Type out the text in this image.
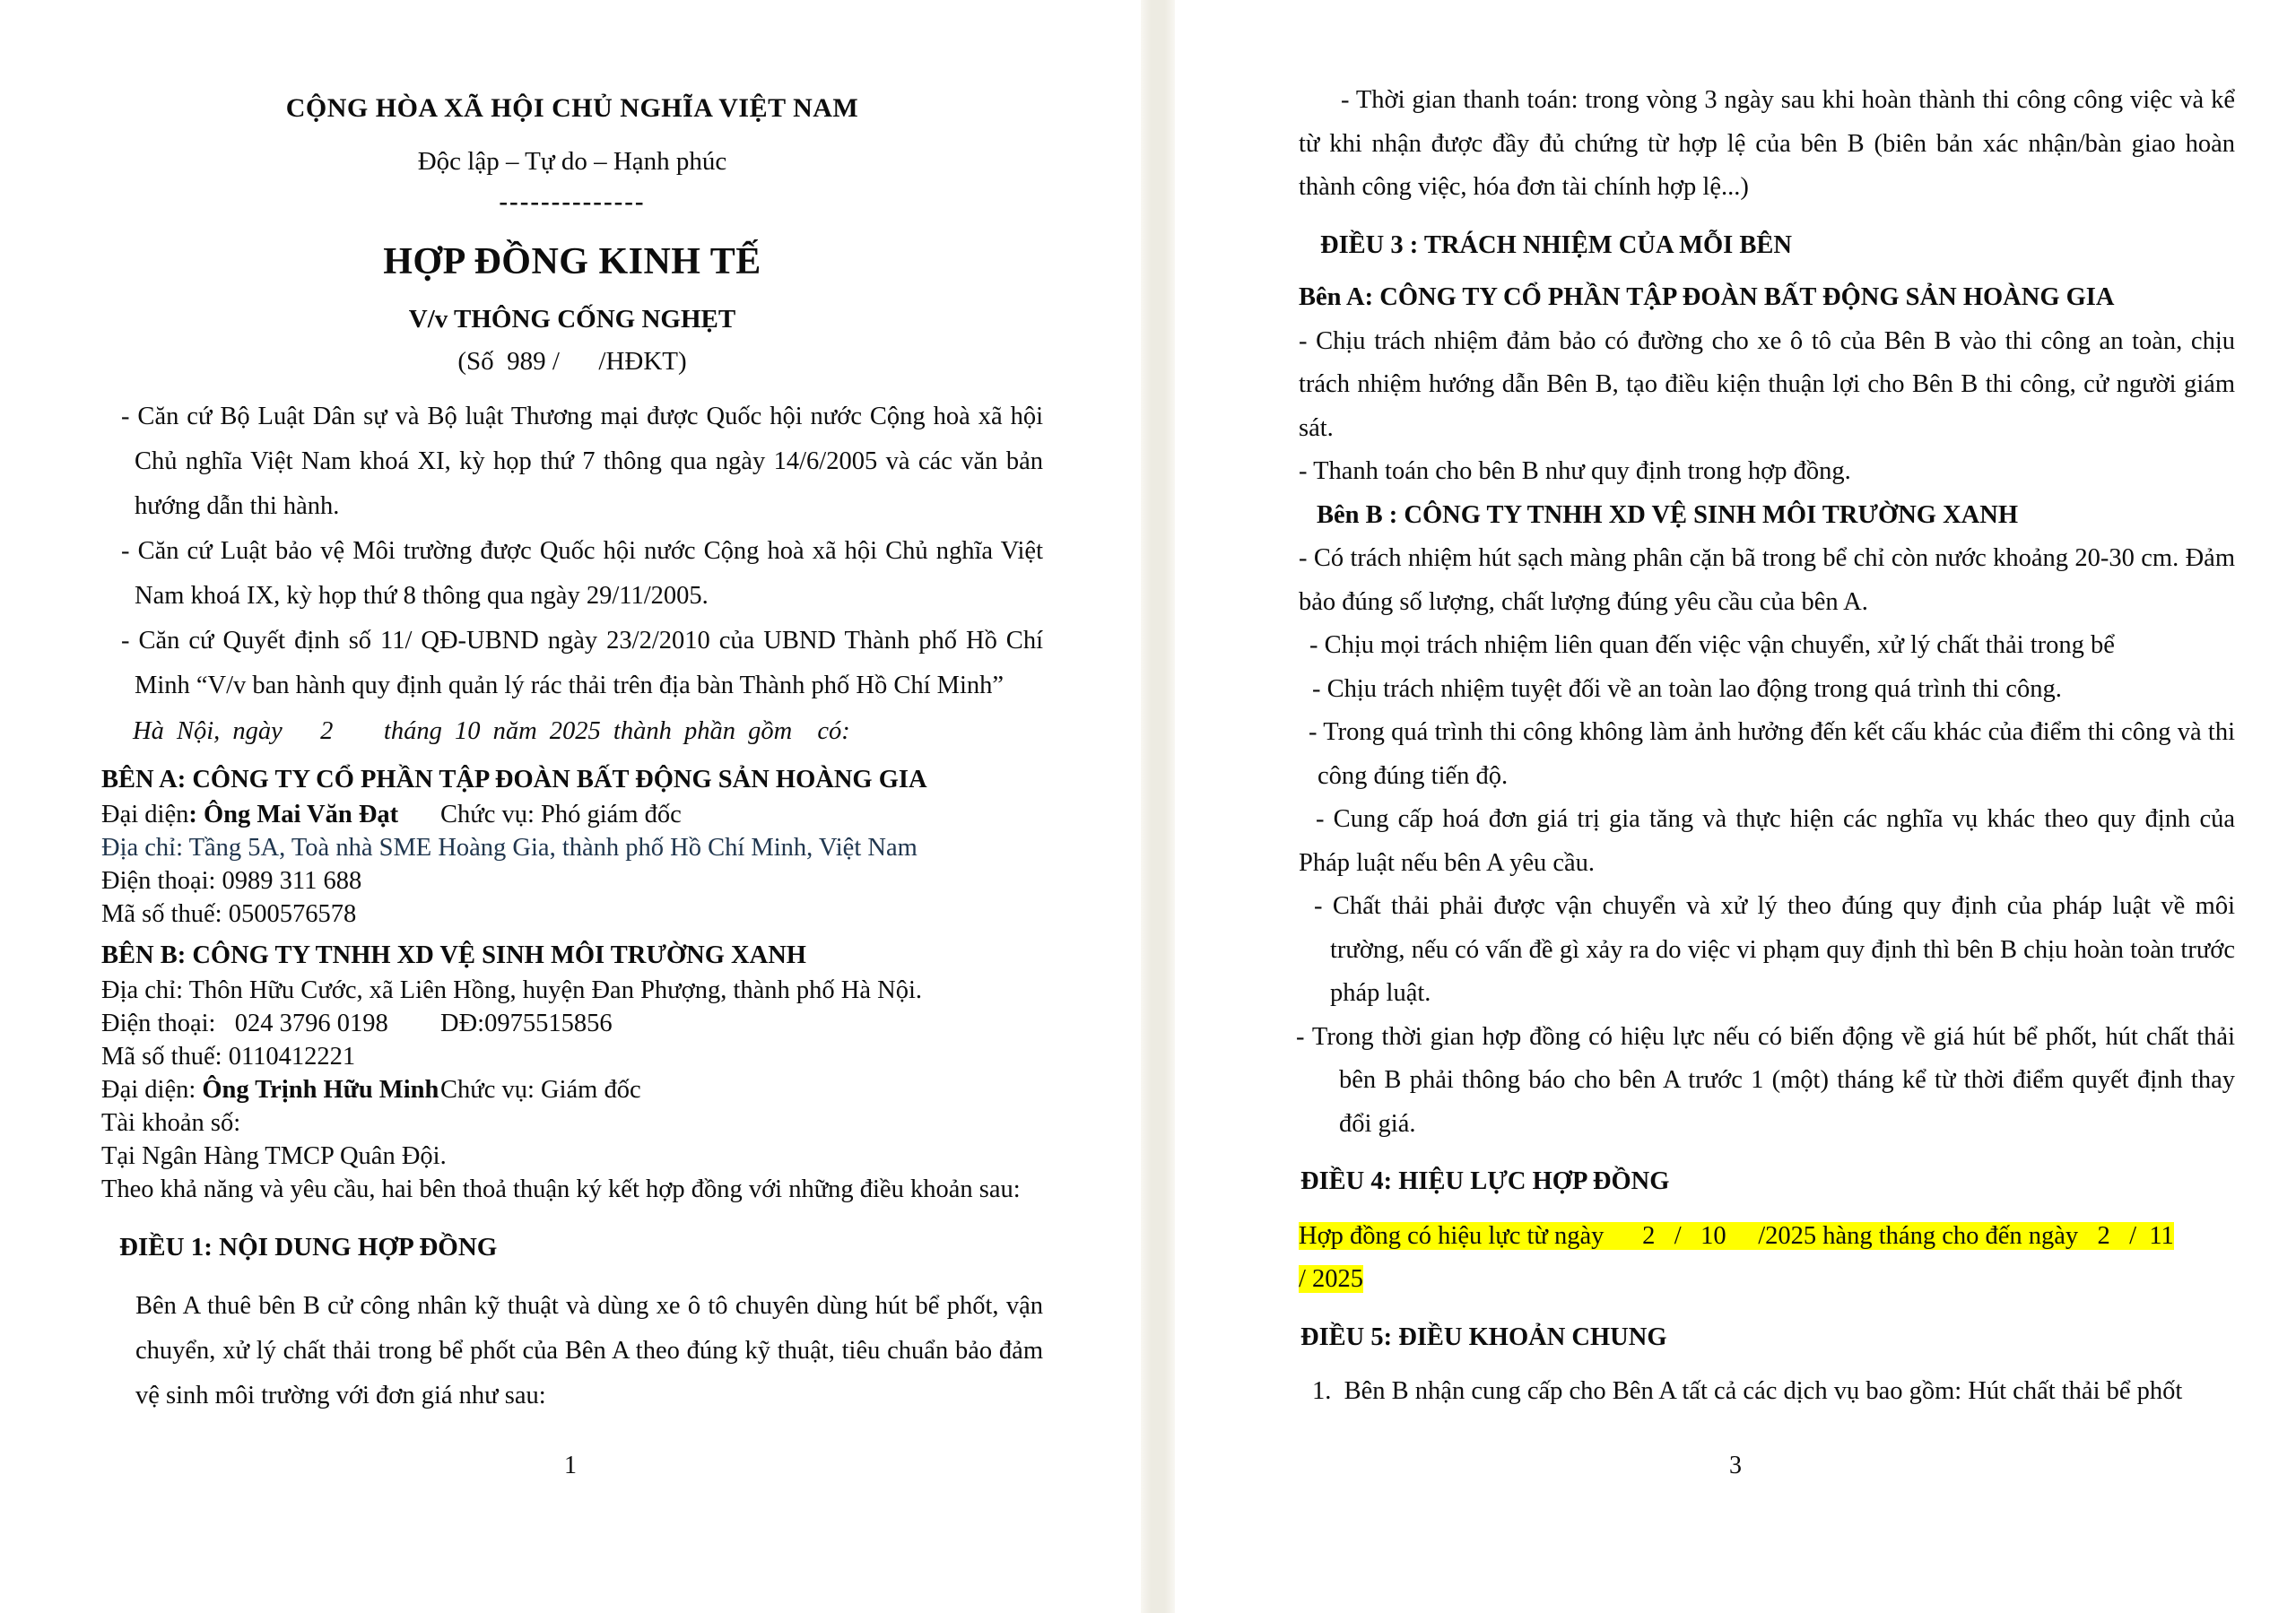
CỘNG HÒA XÃ HỘI CHỦ NGHĨA VIỆT NAM
Độc lập – Tự do – Hạnh phúc
--------------
HỢP ĐỒNG KINH TẾ
V/v THÔNG CỐNG NGHẸT
(Số  989 /      /HĐKT)

- Căn cứ Bộ Luật Dân sự và Bộ luật Thương mại được Quốc hội nước Cộng hoà xã hội Chủ nghĩa Việt Nam khoá XI, kỳ họp thứ 7 thông qua ngày 14/6/2005 và các văn bản hướng dẫn thi hành.

- Căn cứ Luật bảo vệ Môi trường được Quốc hội nước Cộng hoà xã hội Chủ nghĩa Việt Nam khoá IX, kỳ họp thứ 8 thông qua ngày 29/11/2005.

- Căn cứ Quyết định số 11/ QĐ-UBND ngày 23/2/2010 của UBND Thành phố Hồ Chí Minh “V/v ban hành quy định quản lý rác thải trên địa bàn Thành phố Hồ Chí Minh”

Hà Nội, ngày   2    tháng 10 năm 2025 thành phần gồm  có:
BÊN A: CÔNG TY CỔ PHẦN TẬP ĐOÀN BẤT ĐỘNG SẢN HOÀNG GIA
Đại diện: Ông Mai Văn Đạt	Chức vụ: Phó giám đốc
Địa chỉ: Tầng 5A, Toà nhà SME Hoàng Gia, thành phố Hồ Chí Minh, Việt Nam
Điện thoại: 0989 311 688
Mã số thuế: 0500576578
BÊN B: CÔNG TY TNHH XD VỆ SINH MÔI TRƯỜNG XANH
Địa chỉ: Thôn Hữu Cước, xã Liên Hồng, huyện Đan Phượng, thành phố Hà Nội.
Điện thoại:   024 3796 0198	DĐ:0975515856
Mã số thuế: 0110412221
Đại diện: Ông Trịnh Hữu Minh Chức vụ: Giám đốc
Tài khoản số:
Tại Ngân Hàng TMCP Quân Đội.
Theo khả năng và yêu cầu, hai bên thoả thuận ký kết hợp đồng với những điều khoản sau:
ĐIỀU 1: NỘI DUNG HỢP ĐỒNG
Bên A thuê bên B cử công nhân kỹ thuật và dùng xe ô tô chuyên dùng hút bể phốt, vận chuyển, xử lý chất thải trong bể phốt của Bên A theo đúng kỹ thuật, tiêu chuẩn bảo đảm vệ sinh môi trường với đơn giá như sau:
1

- Thời gian thanh toán: trong vòng 3 ngày sau khi hoàn thành thi công công việc và kể từ khi nhận được đầy đủ chứng từ hợp lệ của bên B (biên bản xác nhận/bàn giao hoàn thành công việc, hóa đơn tài chính hợp lệ...)

ĐIỀU 3 : TRÁCH NHIỆM CỦA MỖI BÊN

Bên A: CÔNG TY CỔ PHẦN TẬP ĐOÀN BẤT ĐỘNG SẢN HOÀNG GIA

- Chịu trách nhiệm đảm bảo có đường cho xe ô tô của Bên B vào thi công an toàn, chịu trách nhiệm hướng dẫn Bên B, tạo điều kiện thuận lợi cho Bên B thi công, cử người giám sát.

- Thanh toán cho bên B như quy định trong hợp đồng.

Bên B : CÔNG TY TNHH XD VỆ SINH MÔI TRƯỜNG XANH

- Có trách nhiệm hút sạch màng phân cặn bã trong bể chỉ còn nước khoảng 20-30 cm. Đảm bảo đúng số lượng, chất lượng đúng yêu cầu của bên A.

- Chịu mọi trách nhiệm liên quan đến việc vận chuyển, xử lý chất thải trong bể

- Chịu trách nhiệm tuyệt đối về an toàn lao động trong quá trình thi công.

- Trong quá trình thi công không làm ảnh hưởng đến kết cấu khác của điểm thi công và thi công đúng tiến độ.

- Cung cấp hoá đơn giá trị gia tăng và thực hiện các nghĩa vụ khác theo quy định của Pháp luật nếu bên A yêu cầu.

- Chất thải phải được vận chuyển và xử lý theo đúng quy định của pháp luật về môi trường, nếu có vấn đề gì xảy ra do việc vi phạm quy định thì bên B chịu hoàn toàn trước pháp luật.

- Trong thời gian hợp đồng có hiệu lực nếu có biến động về giá hút bể phốt, hút chất thải bên B phải thông báo cho bên A trước 1 (một) tháng kể từ thời điểm quyết định thay đổi giá.

ĐIỀU 4: HIỆU LỰC HỢP ĐỒNG

Hợp đồng có hiệu lực từ ngày      2   /   10     /2025 hàng tháng cho đến ngày   2   /  11
/ 2025

ĐIỀU 5: ĐIỀU KHOẢN CHUNG

1.  Bên B nhận cung cấp cho Bên A tất cả các dịch vụ bao gồm: Hút chất thải bể phốt

3
